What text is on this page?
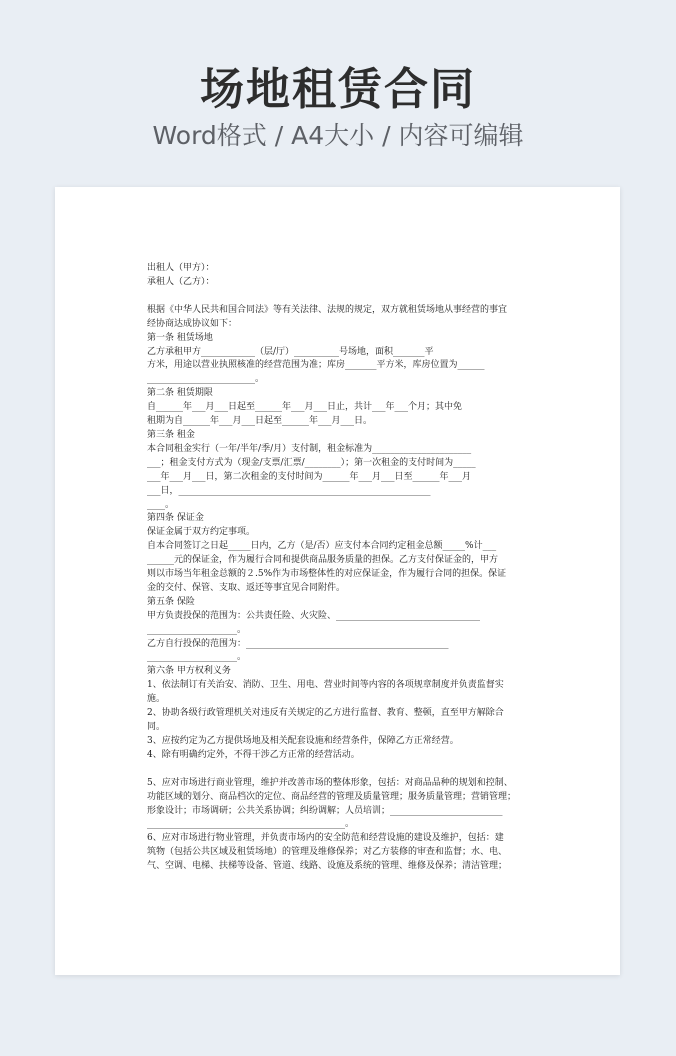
场地租赁合同
Word格式 / A4大小 / 内容可编辑
出租人（甲方）：
承租人（乙方）：
根据《中华人民共和国合同法》等有关法律、法规的规定，双方就租赁场地从事经营的事宜
经协商达成协议如下：
第一条 租赁场地
乙方承租甲方____________（层/厅）__________号场地，面积_______平
方米，用途以营业执照核准的经营范围为准；库房_______平方米，库房位置为______
________________________。
第二条 租赁期限
自______年___月___日起至______年___月___日止，共计___年___个月；其中免
租期为自______年___月___日起至______年___月___日。
第三条 租金
本合同租金实行（一年/半年/季/月）支付制，租金标准为______________________
___；租金支付方式为（现金/支票/汇票/________）；第一次租金的支付时间为_____
___年___月___日，第二次租金的支付时间为______年___月___日至______年___月
___日，________________________________________________________
____。
第四条 保证金
保证金属于双方约定事项。
自本合同签订之日起_____日内，乙方（是/否）应支付本合同约定租金总额_____%计___
______元的保证金，作为履行合同和提供商品服务质量的担保。乙方支付保证金的，甲方
则以市场当年租金总额的２.5%作为市场整体性的对应保证金，作为履行合同的担保。保证
金的交付、保管、支取、返还等事宜见合同附件。
第五条 保险
甲方负责投保的范围为：公共责任险、火灾险、________________________________
____________________。
乙方自行投保的范围为：_____________________________________________
____________________。
第六条 甲方权利义务
1、依法制订有关治安、消防、卫生、用电、营业时间等内容的各项规章制度并负责监督实
施。
2、协助各级行政管理机关对违反有关规定的乙方进行监督、教育、整顿，直至甲方解除合
同。
3、应按约定为乙方提供场地及相关配套设施和经营条件，保障乙方正常经营。
4、除有明确约定外，不得干涉乙方正常的经营活动。
5、应对市场进行商业管理，维护并改善市场的整体形象，包括：对商品品种的规划和控制、
功能区域的划分、商品档次的定位、商品经营的管理及质量管理；服务质量管理；营销管理；
形象设计；市场调研；公共关系协调；纠纷调解；人员培训；_________________________
____________________________________________。
6、应对市场进行物业管理，并负责市场内的安全防范和经营设施的建设及维护，包括：建
筑物（包括公共区域及租赁场地）的管理及维修保养；对乙方装修的审查和监督；水、电、
气、空调、电梯、扶梯等设备、管道、线路、设施及系统的管理、维修及保养；清洁管理；
